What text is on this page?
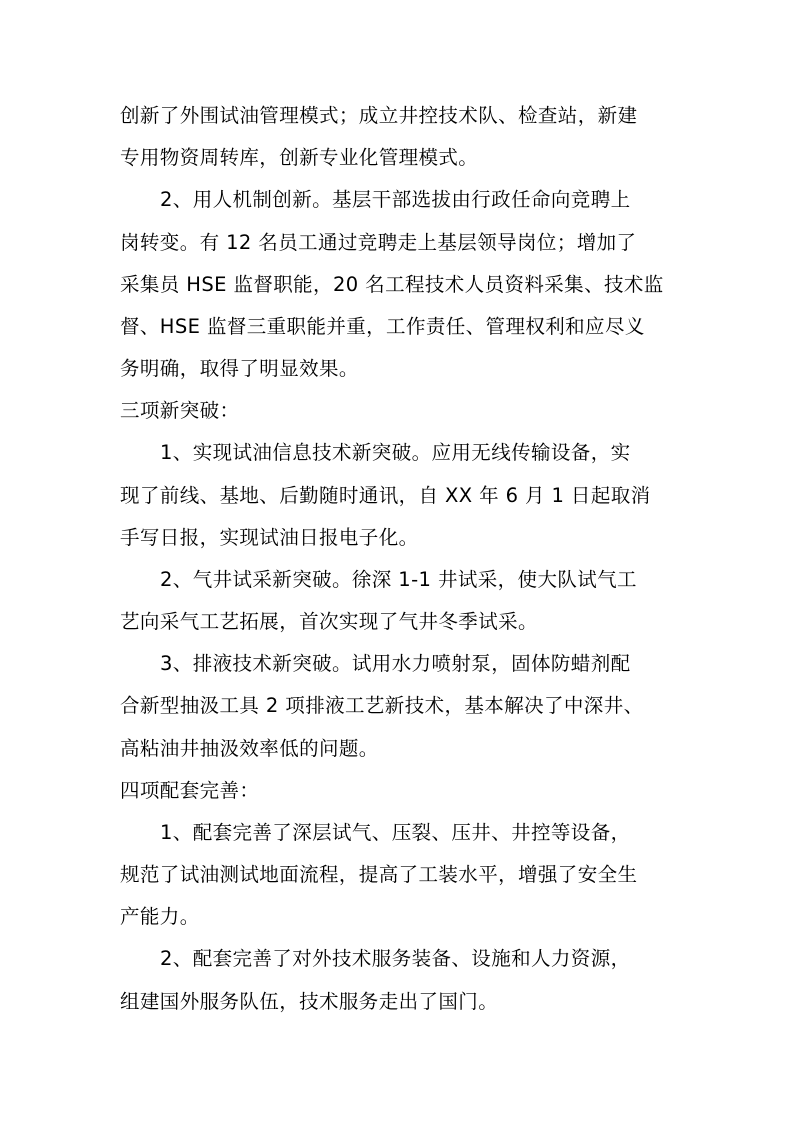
创新了外围试油管理模式；成立井控技术队、检查站，新建
专用物资周转库，创新专业化管理模式。
2、用人机制创新。基层干部选拔由行政任命向竞聘上
岗转变。有 12 名员工通过竞聘走上基层领导岗位；增加了
采集员 HSE 监督职能，20 名工程技术人员资料采集、技术监
督、HSE 监督三重职能并重，工作责任、管理权利和应尽义
务明确，取得了明显效果。
三项新突破：
1、实现试油信息技术新突破。应用无线传输设备，实
现了前线、基地、后勤随时通讯，自 XX 年 6 月 1 日起取消
手写日报，实现试油日报电子化。
2、气井试采新突破。徐深 1-1 井试采，使大队试气工
艺向采气工艺拓展，首次实现了气井冬季试采。
3、排液技术新突破。试用水力喷射泵，固体防蜡剂配
合新型抽汲工具 2 项排液工艺新技术，基本解决了中深井、
高粘油井抽汲效率低的问题。
四项配套完善：
1、配套完善了深层试气、压裂、压井、井控等设备，
规范了试油测试地面流程，提高了工装水平，增强了安全生
产能力。
2、配套完善了对外技术服务装备、设施和人力资源，
组建国外服务队伍，技术服务走出了国门。
